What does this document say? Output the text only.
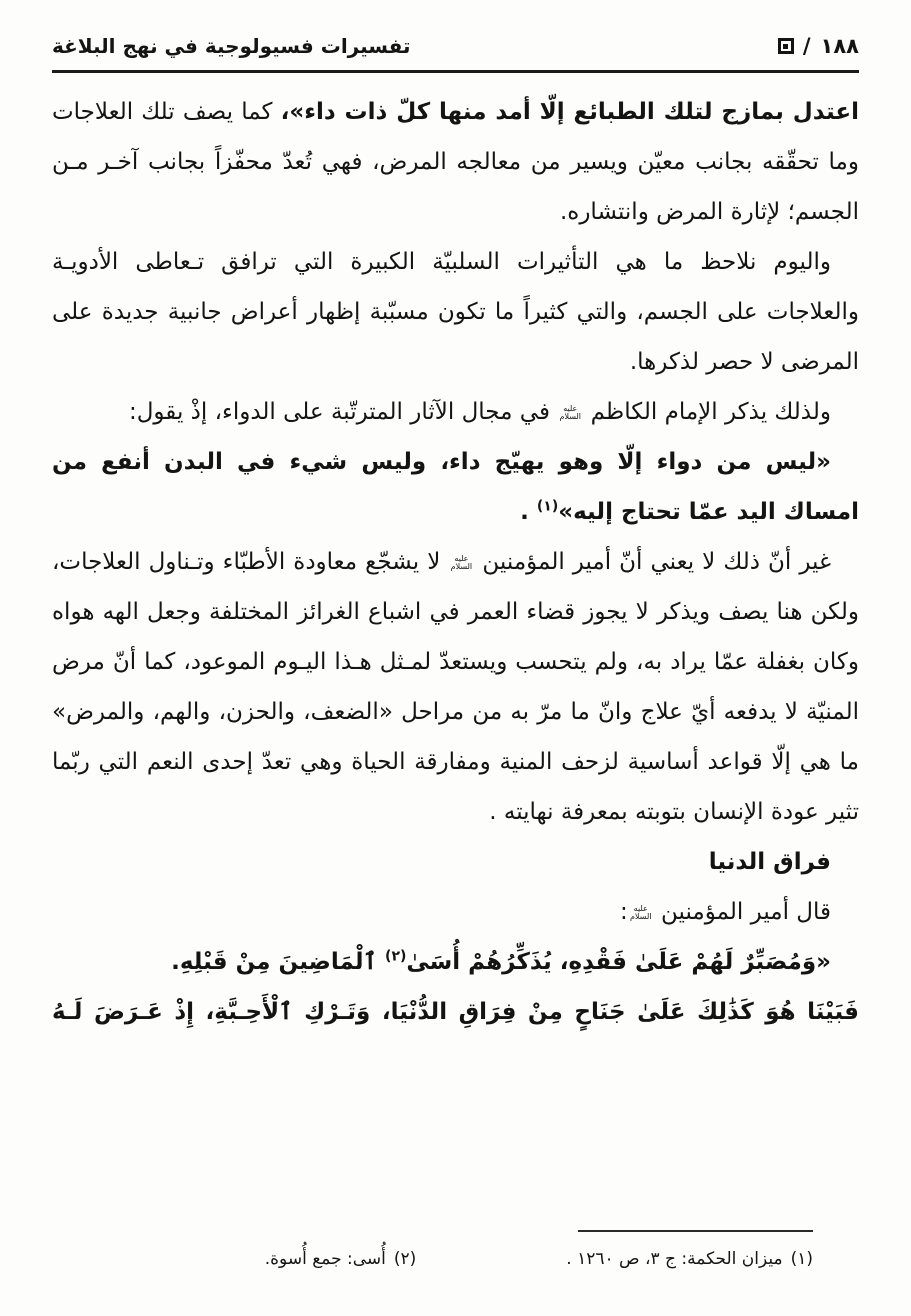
١٨٨
/
تفسيرات فسيولوجية في نهج البلاغة

اعتدل بمازج لتلك الطبائع إلّا أمد منها كلّ ذات داء»، كما يصف تلك العلاجات وما تحقّقه بجانب معيّن ويسير من معالجه المرض، فهي تُعدّ محفّزاً بجانب آخـر مـن الجسم؛ لإثارة المرض وانتشاره.

واليوم نلاحظ ما هي التأثيرات السلبيّة الكبيرة التي ترافق تـعاطى الأدويـة والعلاجات على الجسم، والتي كثيراً ما تكون مسبّبة إظهار أعراض جانبية جديدة على المرضى لا حصر لذكرها.

ولذلك يذكر الإمام الكاظم عليه السلام في مجال الآثار المترتّبة على الدواء، إذْ يقول:

«ليس من دواء إلّا وهو يهيّج داء، وليس شيء في البدن أنفع من امساك اليد عمّا تحتاج إليه»$^{(١)}$ .

غير أنّ ذلك لا يعني أنّ أمير المؤمنين عليه السلام لا يشجّع معاودة الأطبّاء وتـناول العلاجات، ولكن هنا يصف ويذكر لا يجوز قضاء العمر في اشباع الغرائز المختلفة وجعل الهه هواه وكان بغفلة عمّا يراد به، ولم يتحسب ويستعدّ لمـثل هـذا اليـوم الموعود، كما أنّ مرض المنيّة لا يدفعه أيّ علاج وانّ ما مرّ به من مراحل «الضعف، والحزن، والهم، والمرض» ما هي إلّا قواعد أساسية لزحف المنية ومفارقة الحياة وهي تعدّ إحدى النعم التي ربّما تثير عودة الإنسان بتوبته بمعرفة نهايته .

فراق الدنيا

قال أمير المؤمنين عليه السلام:

«وَمُصَبِّرٌ لَهُمْ عَلَىٰ فَقْدِهِ، يُذَكِّرُهُمْ أُسَىٰ$^{(٢)}$ ٱلْمَاضِينَ مِنْ قَبْلِهِ.

فَبَيْنَا هُوَ كَذَٰلِكَ عَلَىٰ جَنَاحٍ مِنْ فِرَاقِ الدُّنْيَا، وَتَـرْكِ ٱلْأَحِـبَّةِ، إِذْ عَـرَضَ لَـهُ

(١)ميزان الحكمة: ج ٣، ص ١٢٦٠ .
(٢)أُسى: جمع أُسوة.
